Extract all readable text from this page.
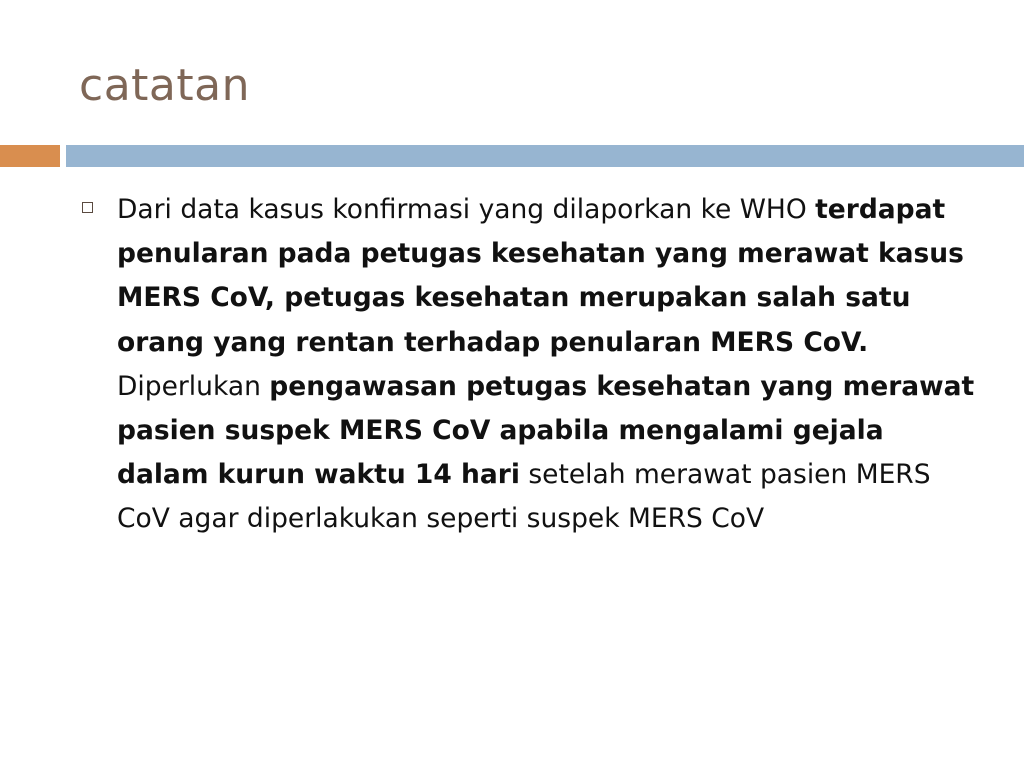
catatan
Dari data kasus konfirmasi yang dilaporkan ke WHO terdapat penularan pada petugas kesehatan yang merawat kasus MERS CoV, petugas kesehatan merupakan salah satu orang yang rentan terhadap penularan MERS CoV. Diperlukan pengawasan petugas kesehatan yang merawat pasien suspek MERS CoV apabila mengalami gejala dalam kurun waktu 14 hari setelah merawat pasien MERS CoV agar diperlakukan seperti suspek MERS CoV
